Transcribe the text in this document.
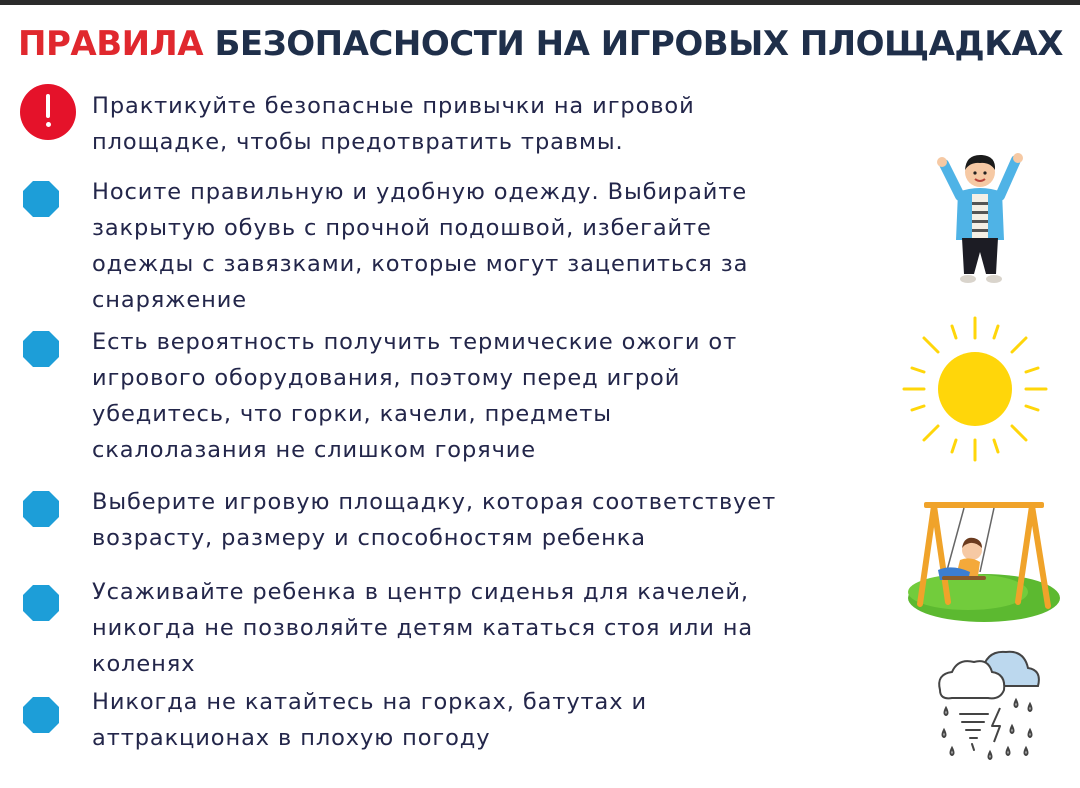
ПРАВИЛА БЕЗОПАСНОСТИ НА ИГРОВЫХ ПЛОЩАДКАХ
Практикуйте безопасные привычки на игровой
площадке, чтобы предотвратить травмы.
Носите правильную и удобную одежду. Выбирайте
закрытую обувь с прочной подошвой, избегайте
одежды с завязками, которые могут зацепиться за
снаряжение
Есть вероятность получить термические ожоги от
игрового оборудования, поэтому перед игрой
убедитесь, что горки, качели, предметы
скалолазания не слишком горячие
Выберите игровую площадку, которая соответствует
возрасту, размеру и способностям ребенка
Усаживайте ребенка в центр сиденья для качелей,
никогда не позволяйте детям кататься стоя или на
коленях
Никогда не катайтесь на горках, батутах и
аттракционах в плохую погоду
